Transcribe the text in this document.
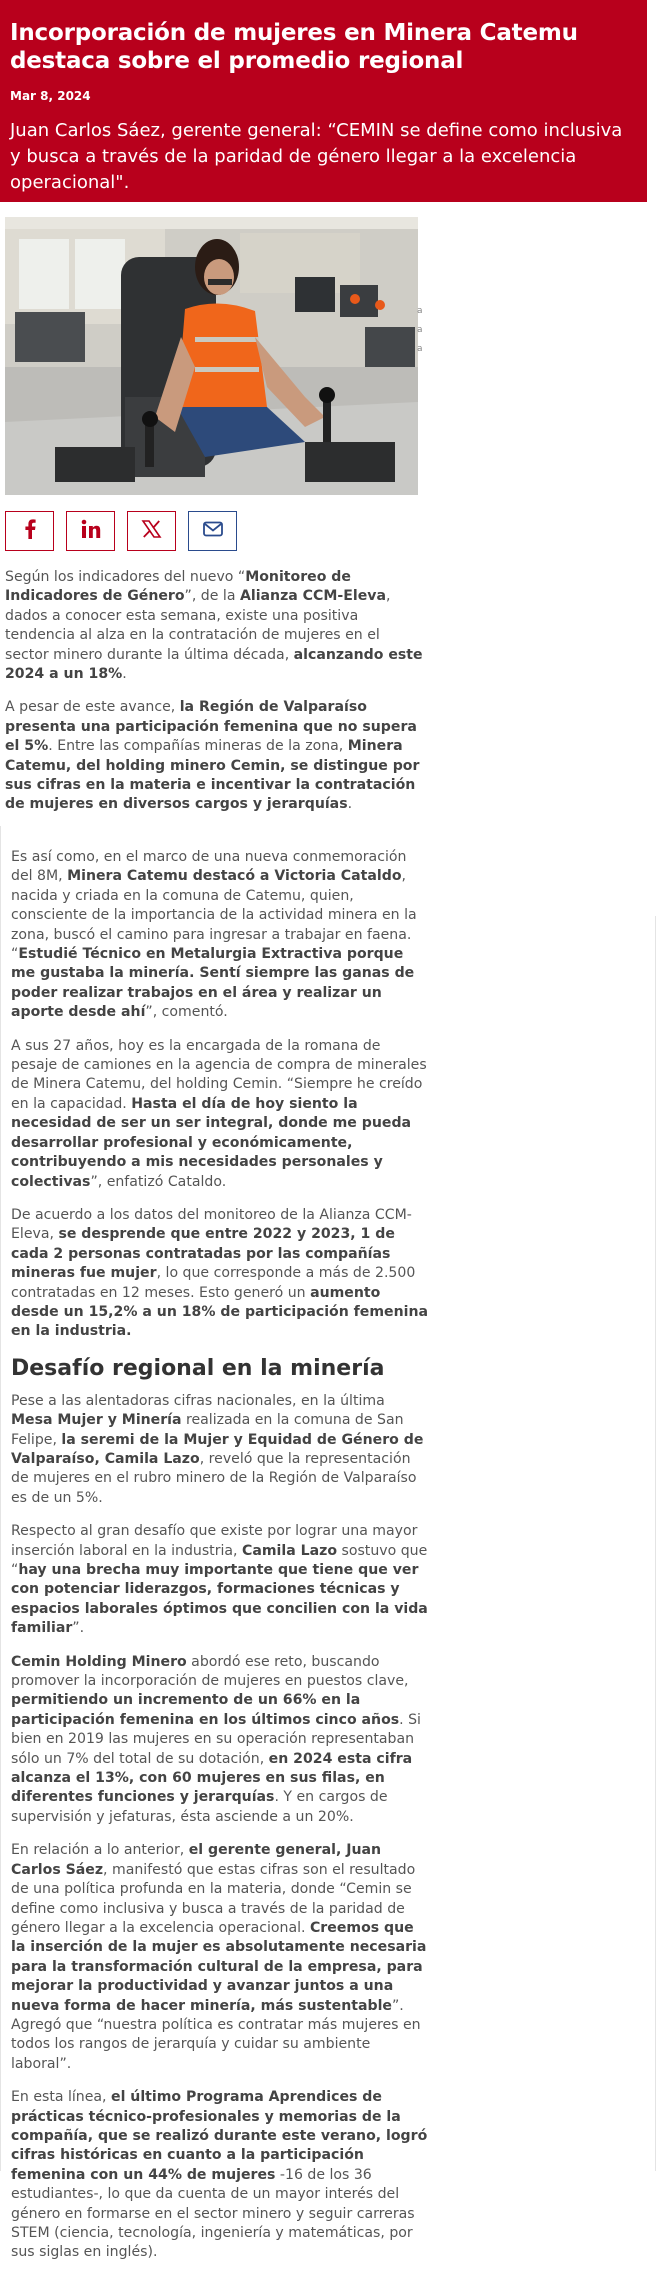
Incorporación de mujeres en Minera Catemu destaca sobre el promedio regional
Mar 8, 2024
Juan Carlos Sáez, gerente general: “CEMIN se define como inclusiva y busca a través de la paridad de género llegar a la excelencia operacional".
a
a
a

Según los indicadores del nuevo “Monitoreo de Indicadores de Género”, de la Alianza CCM-Eleva, dados a conocer esta semana, existe una positiva tendencia al alza en la contratación de mujeres en el sector minero durante la última década, alcanzando este 2024 a un 18%.

A pesar de este avance, la Región de Valparaíso presenta una participación femenina que no supera el 5%. Entre las compañías mineras de la zona, Minera Catemu, del holding minero Cemin, se distingue por sus cifras en la materia e incentivar la contratación de mujeres en diversos cargos y jerarquías.

Es así como, en el marco de una nueva conmemoración del 8M, Minera Catemu destacó a Victoria Cataldo, nacida y criada en la comuna de Catemu, quien, consciente de la importancia de la actividad minera en la zona, buscó el camino para ingresar a trabajar en faena. “Estudié Técnico en Metalurgia Extractiva porque me gustaba la minería. Sentí siempre las ganas de poder realizar trabajos en el área y realizar un aporte desde ahí”, comentó.

A sus 27 años, hoy es la encargada de la romana de pesaje de camiones en la agencia de compra de minerales de Minera Catemu, del holding Cemin. “Siempre he creído en la capacidad. Hasta el día de hoy siento la necesidad de ser un ser integral, donde me pueda desarrollar profesional y económicamente, contribuyendo a mis necesidades personales y colectivas”, enfatizó Cataldo.

De acuerdo a los datos del monitoreo de la Alianza CCM-Eleva, se desprende que entre 2022 y 2023, 1 de cada 2 personas contratadas por las compañías mineras fue mujer, lo que corresponde a más de 2.500 contratadas en 12 meses. Esto generó un aumento desde un 15,2% a un 18% de participación femenina en la industria.

Desafío regional en la minería

Pese a las alentadoras cifras nacionales, en la última Mesa Mujer y Minería realizada en la comuna de San Felipe, la seremi de la Mujer y Equidad de Género de Valparaíso, Camila Lazo, reveló que la representación de mujeres en el rubro minero de la Región de Valparaíso es de un 5%.

Respecto al gran desafío que existe por lograr una mayor inserción laboral en la industria, Camila Lazo sostuvo que “hay una brecha muy importante que tiene que ver con potenciar liderazgos, formaciones técnicas y espacios laborales óptimos que concilien con la vida familiar”.

Cemin Holding Minero abordó ese reto, buscando promover la incorporación de mujeres en puestos clave, permitiendo un incremento de un 66% en la participación femenina en los últimos cinco años. Si bien en 2019 las mujeres en su operación representaban sólo un 7% del total de su dotación, en 2024 esta cifra alcanza el 13%, con 60 mujeres en sus filas, en diferentes funciones y jerarquías. Y en cargos de supervisión y jefaturas, ésta asciende a un 20%.

En relación a lo anterior, el gerente general, Juan Carlos Sáez, manifestó que estas cifras son el resultado de una política profunda en la materia, donde “Cemin se define como inclusiva y busca a través de la paridad de género llegar a la excelencia operacional. Creemos que la inserción de la mujer es absolutamente necesaria para la transformación cultural de la empresa, para mejorar la productividad y avanzar juntos a una nueva forma de hacer minería, más sustentable”. Agregó que “nuestra política es contratar más mujeres en todos los rangos de jerarquía y cuidar su ambiente laboral”.

En esta línea, el último Programa Aprendices de prácticas técnico-profesionales y memorias de la compañía, que se realizó durante este verano, logró cifras históricas en cuanto a la participación femenina con un 44% de mujeres -16 de los 36 estudiantes-, lo que da cuenta de un mayor interés del género en formarse en el sector minero y seguir carreras STEM (ciencia, tecnología, ingeniería y matemáticas, por sus siglas en inglés).
